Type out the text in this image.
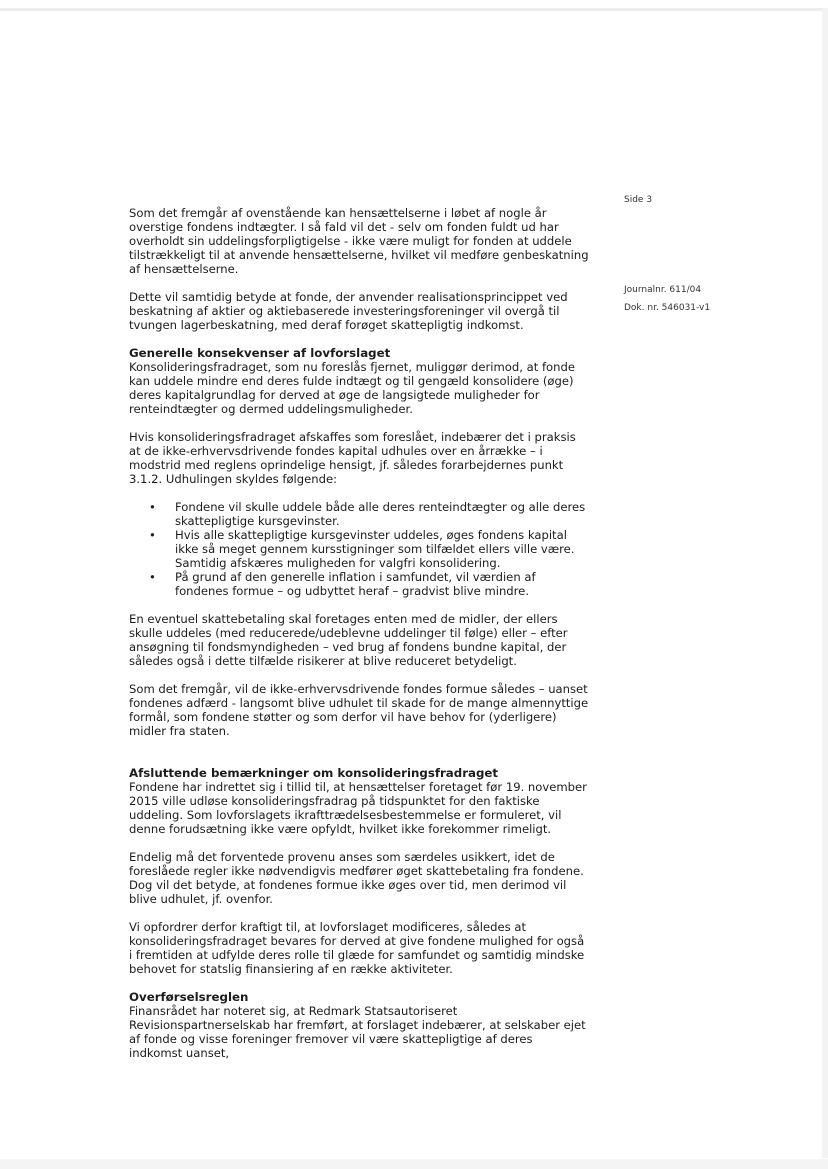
Side 3
Journalnr. 611/04
Dok. nr. 546031-v1

Som det fremgår af ovenstående kan hensættelserne i løbet af nogle år overstige fondens indtægter. I så fald vil det - selv om fonden fuldt ud har overholdt sin uddelingsforpligtigelse - ikke være muligt for fonden at uddele tilstrækkeligt til at anvende hensættelserne, hvilket vil medføre genbeskatning af hensættelserne.

Dette vil samtidig betyde at fonde, der anvender realisationsprincippet ved beskatning af aktier og aktiebaserede investeringsforeninger vil overgå til tvungen lagerbeskatning, med deraf forøget skattepligtig indkomst.

Generelle konsekvenser af lovforslaget

Konsolideringsfradraget, som nu foreslås fjernet, muliggør derimod, at fonde kan uddele mindre end deres fulde indtægt og til gengæld konsolidere (øge) deres kapitalgrundlag for derved at øge de langsigtede muligheder for renteindtægter og dermed uddelingsmuligheder.

Hvis konsolideringsfradraget afskaffes som foreslået, indebærer det i praksis at de ikke-erhvervsdrivende fondes kapital udhules over en årrække – i modstrid med reglens oprindelige hensigt, jf. således forarbejdernes punkt 3.1.2. Udhulingen skyldes følgende:

• Fondene vil skulle uddele både alle deres renteindtægter og alle deres skattepligtige kursgevinster.
• Hvis alle skattepligtige kursgevinster uddeles, øges fondens kapital ikke så meget gennem kursstigninger som tilfældet ellers ville være. Samtidig afskæres muligheden for valgfri konsolidering.
• På grund af den generelle inflation i samfundet, vil værdien af fondenes formue – og udbyttet heraf – gradvist blive mindre.

En eventuel skattebetaling skal foretages enten med de midler, der ellers skulle uddeles (med reducerede/udeblevne uddelinger til følge) eller – efter ansøgning til fondsmyndigheden – ved brug af fondens bundne kapital, der således også i dette tilfælde risikerer at blive reduceret betydeligt.

Som det fremgår, vil de ikke-erhvervsdrivende fondes formue således – uanset fondenes adfærd - langsomt blive udhulet til skade for de mange almennyttige formål, som fondene støtter og som derfor vil have behov for (yderligere) midler fra staten.

Afsluttende bemærkninger om konsolideringsfradraget

Fondene har indrettet sig i tillid til, at hensættelser foretaget før 19. november 2015 ville udløse konsolideringsfradrag på tidspunktet for den faktiske uddeling. Som lovforslagets ikrafttrædelsesbestemmelse er formuleret, vil denne forudsætning ikke være opfyldt, hvilket ikke forekommer rimeligt.

Endelig må det forventede provenu anses som særdeles usikkert, idet de foreslåede regler ikke nødvendigvis medfører øget skattebetaling fra fondene. Dog vil det betyde, at fondenes formue ikke øges over tid, men derimod vil blive udhulet, jf. ovenfor.

Vi opfordrer derfor kraftigt til, at lovforslaget modificeres, således at konsolideringsfradraget bevares for derved at give fondene mulighed for også i fremtiden at udfylde deres rolle til glæde for samfundet og samtidig mindske behovet for statslig finansiering af en række aktiviteter.

Overførselsreglen

Finansrådet har noteret sig, at Redmark Statsautoriseret Revisionspartnerselskab har fremført, at forslaget indebærer, at selskaber ejet af fonde og visse foreninger fremover vil være skattepligtige af deres indkomst uanset,
